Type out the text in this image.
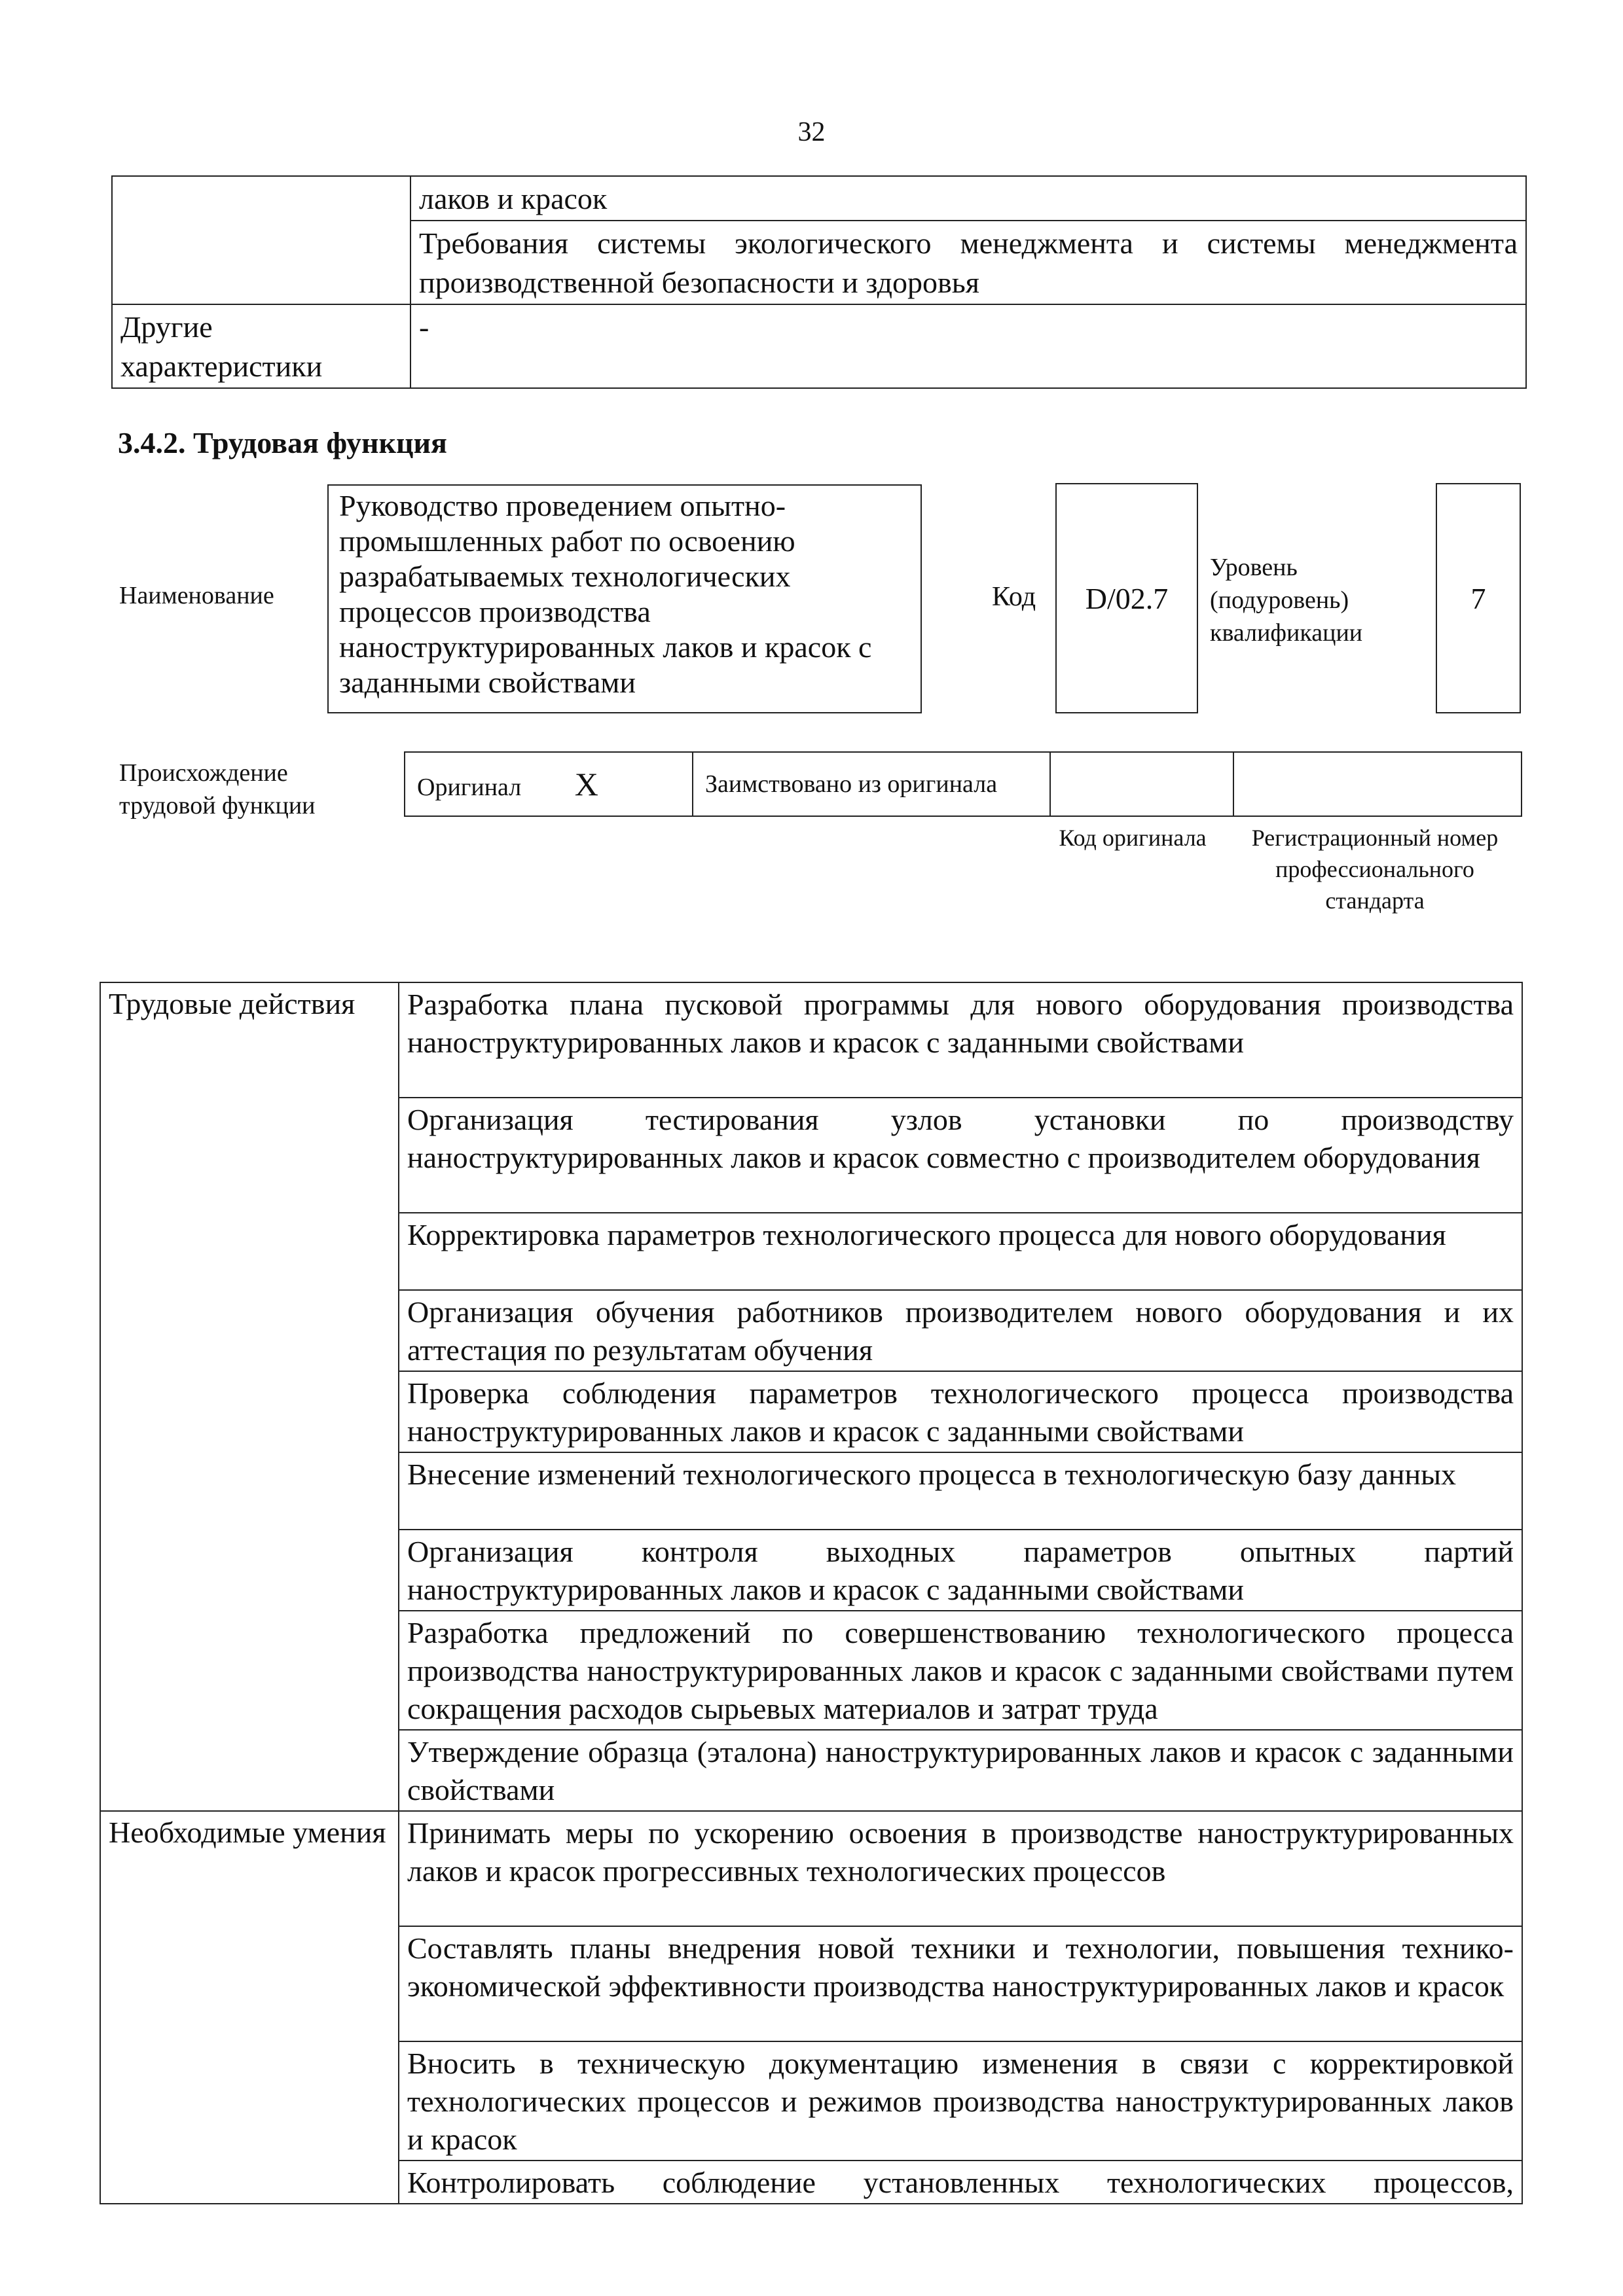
32
	лаков и красок
	Требования системы экологического менеджмента и системы менеджмента производственной безопасности и здоровья
Другие характеристики	-
3.4.2. Трудовая функция
Наименование
Руководство проведением опытно-промышленных работ по освоению разрабатываемых технологических процессов производства наноструктурированных лаков и красок с заданными свойствами
Код D/02.7
Уровень (подуровень) квалификации
7
Происхождение трудовой функции
Оригинал X	Заимствовано из оригинала		
Код оригинала	Регистрационный номер профессионального стандарта
Трудовые действия	Разработка плана пусковой программы для нового оборудования производства наноструктурированных лаков и красок с заданными свойствами
	Организация тестирования узлов установки по производству наноструктурированных лаков и красок совместно с производителем оборудования
	Корректировка параметров технологического процесса для нового оборудования
	Организация обучения работников производителем нового оборудования и их аттестация по результатам обучения
	Проверка соблюдения параметров технологического процесса производства наноструктурированных лаков и красок с заданными свойствами
	Внесение изменений технологического процесса в технологическую базу данных
	Организация контроля выходных параметров опытных партий наноструктурированных лаков и красок с заданными свойствами
	Разработка предложений по совершенствованию технологического процесса производства наноструктурированных лаков и красок с заданными свойствами путем сокращения расходов сырьевых материалов и затрат труда
	Утверждение образца (эталона) наноструктурированных лаков и красок с заданными свойствами
Необходимые умения	Принимать меры по ускорению освоения в производстве наноструктурированных лаков и красок прогрессивных технологических процессов
	Составлять планы внедрения новой техники и технологии, повышения технико-экономической эффективности производства наноструктурированных лаков и красок
	Вносить в техническую документацию изменения в связи с корректировкой технологических процессов и режимов производства наноструктурированных лаков и красок
	Контролировать соблюдение установленных технологических процессов,
